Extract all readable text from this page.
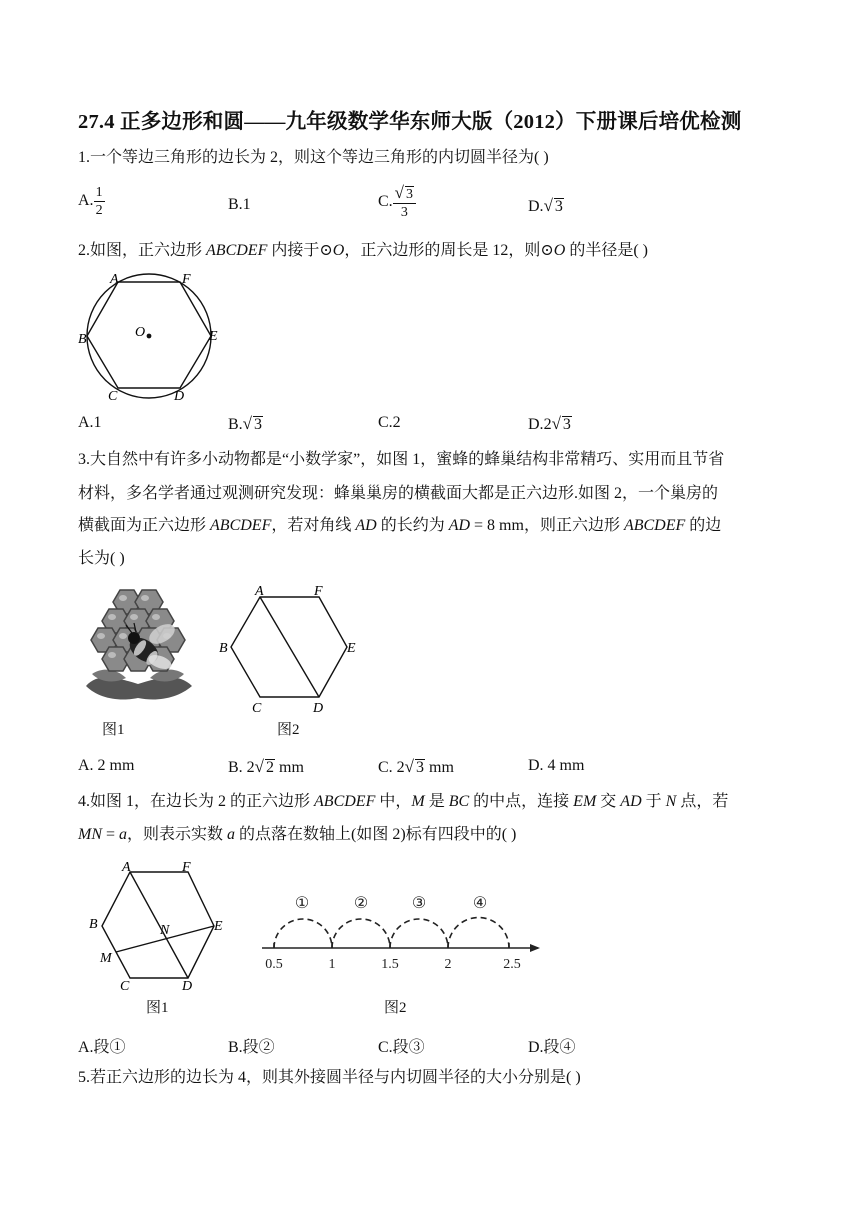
27.4 正多边形和圆——九年级数学华东师大版（2012）下册课后培优检测
1.一个等边三角形的边长为 2，则这个等边三角形的内切圆半径为( )
A. $\frac{1}{2}$	B.1	C. $\frac{√ 3}{3}$	D.√ 3
2.如图，正六边形 ABCDEF 内接于⊙O，正六边形的周长是 12，则⊙O 的半径是( )
A	F
B	E
C	D
O
A.1	B.√ 3	C.2	D.2√ 3
3.大自然中有许多小动物都是“小数学家”，如图 1，蜜蜂的蜂巢结构非常精巧、实用而且节省
材料，多名学者通过观测研究发现：蜂巢巢房的横截面大都是正六边形.如图 2，一个巢房的
横截面为正六边形 ABCDEF，若对角线 AD 的长约为 AD = 8 mm，则正六边形 ABCDEF 的边
长为( )
图1
A	F
B	E
C	D
图2
A. 2 mm	B. 2√ 2 mm	C. 2√ 3 mm	D. 4 mm
4.如图 1，在边长为 2 的正六边形 ABCDEF 中，M 是 BC 的中点，连接 EM 交 AD 于 N 点，若
MN = a，则表示实数 a 的点落在数轴上(如图 2)标有四段中的( )
A	F
B	E
M
N
C	D
图1
①	②	③	④
0.5	1	1.5	2	2.5
图2
A.段①	B.段②	C.段③	D.段④
5.若正六边形的边长为 4，则其外接圆半径与内切圆半径的大小分别是( )
